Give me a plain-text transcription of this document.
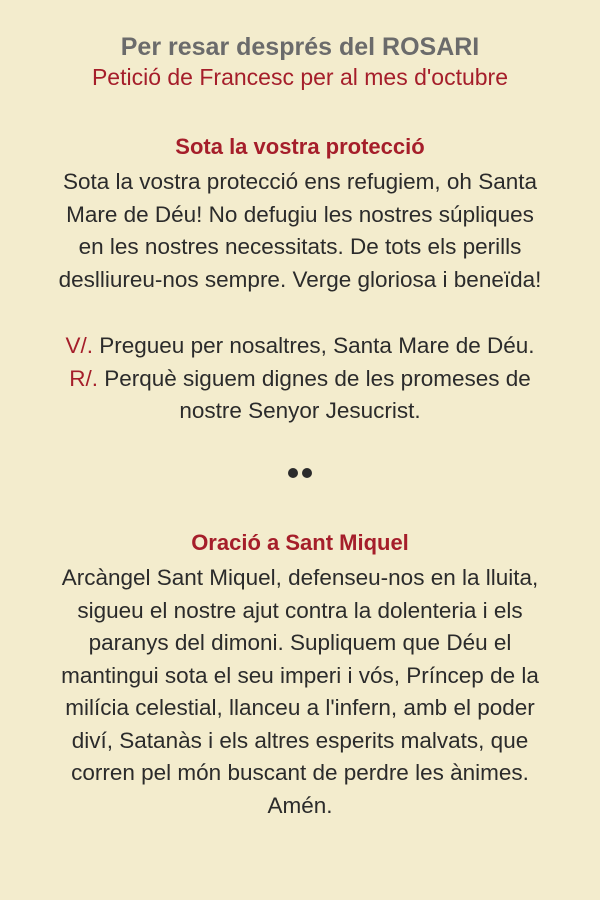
Per resar després del ROSARI
Petició de Francesc per al mes d'octubre
Sota la vostra protecció
Sota la vostra protecció ens refugiem, oh Santa
Mare de Déu! No defugiu les nostres súpliques
en les nostres necessitats. De tots els perills
deslliureu-nos sempre. Verge gloriosa i beneïda!
V/. Pregueu per nosaltres, Santa Mare de Déu.
R/. Perquè siguem dignes de les promeses de
nostre Senyor Jesucrist.
Oració a Sant Miquel
Arcàngel Sant Miquel, defenseu-nos en la lluita,
sigueu el nostre ajut contra la dolenteria i els
paranys del dimoni. Supliquem que Déu el
mantingui sota el seu imperi i vós, Príncep de la
milícia celestial, llanceu a l'infern, amb el poder
diví, Satanàs i els altres esperits malvats, que
corren pel món buscant de perdre les ànimes.
Amén.
